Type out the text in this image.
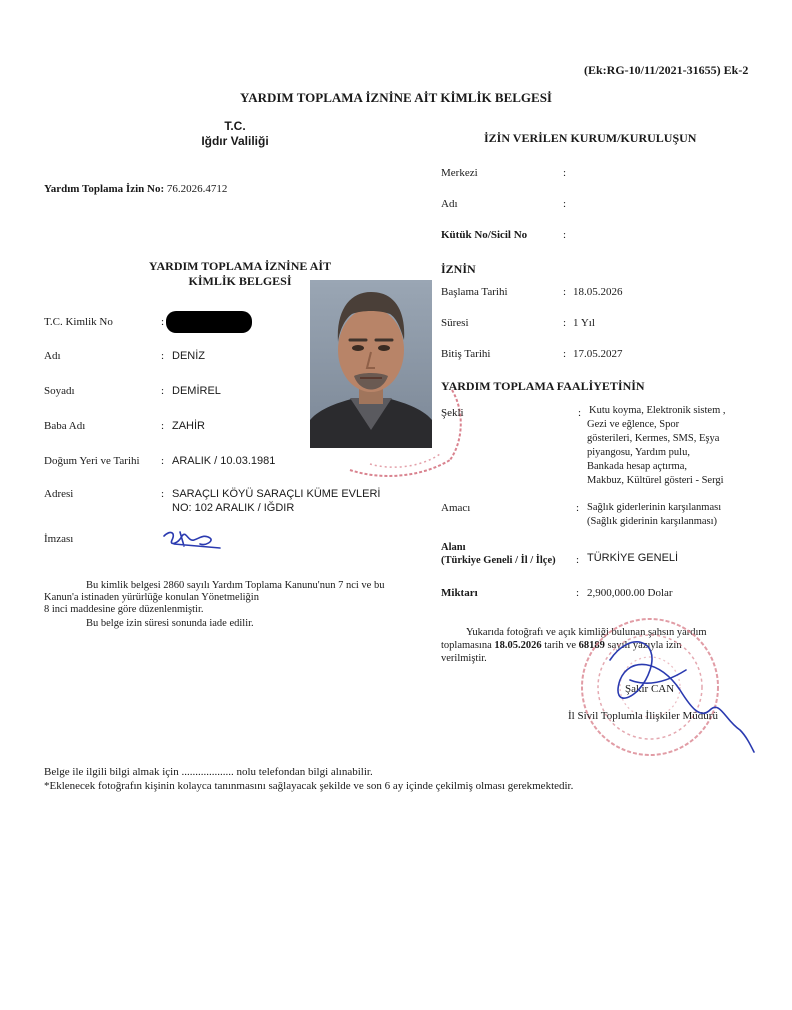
(Ek:RG-10/11/2021-31655) Ek-2
YARDIM TOPLAMA İZNİNE AİT KİMLİK BELGESİ
T.C.
Iğdır Valiliği	İZİN VERİLEN KURUM/KURULUŞUN
Yardım Toplama İzin No: 76.2026.4712
Merkezi	:
Adı	:
Kütük No/Sicil No	:
YARDIM TOPLAMA İZNİNE AİT
KİMLİK BELGESİ
İZNİN
Başlama Tarihi	: 18.05.2026
Süresi	: 1 Yıl
Bitiş Tarihi	: 17.05.2027
T.C. Kimlik No	:
Adı	: DENİZ
Soyadı	: DEMİREL
Baba Adı	: ZAHİR
Doğum Yeri ve Tarihi : ARALIK / 10.03.1981
Adresi	: SARAÇLI KÖYÜ SARAÇLI KÜME EVLERİ
NO: 102 ARALIK / IĞDIR
İmzası
YARDIM TOPLAMA FAALİYETİNİN
Şekli	: Kutu koyma, Elektronik sistem ,
Gezi ve eğlence, Spor
gösterileri, Kermes, SMS, Eşya
piyangosu, Yardım pulu,
Bankada hesap açtırma,
Makbuz, Kültürel gösteri - Sergi
Amacı	: Sağlık giderlerinin karşılanması
(Sağlık giderinin karşılanması)
Alanı
(Türkiye Geneli / İl / İlçe) : TÜRKİYE GENELİ
Miktarı	: 2,900,000.00 Dolar
Bu kimlik belgesi 2860 sayılı Yardım Toplama Kanunu'nun 7 nci ve bu
Kanun'a istinaden yürürlüğe konulan Yönetmeliğin
8 inci maddesine göre düzenlenmiştir.
Bu belge izin süresi sonunda iade edilir.
Yukarıda fotoğrafı ve açık kimliği bulunan şahsın yardım
toplamasına 18.05.2026 tarih ve 68189 sayılı yazıyla izin
verilmiştir.
Şakir CAN
İl Sivil Toplumla İlişkiler Müdürü
Belge ile ilgili bilgi almak için ................... nolu telefondan bilgi alınabilir.
*Eklenecek fotoğrafın kişinin kolayca tanınmasını sağlayacak şekilde ve son 6 ay içinde çekilmiş olması gerekmektedir.
